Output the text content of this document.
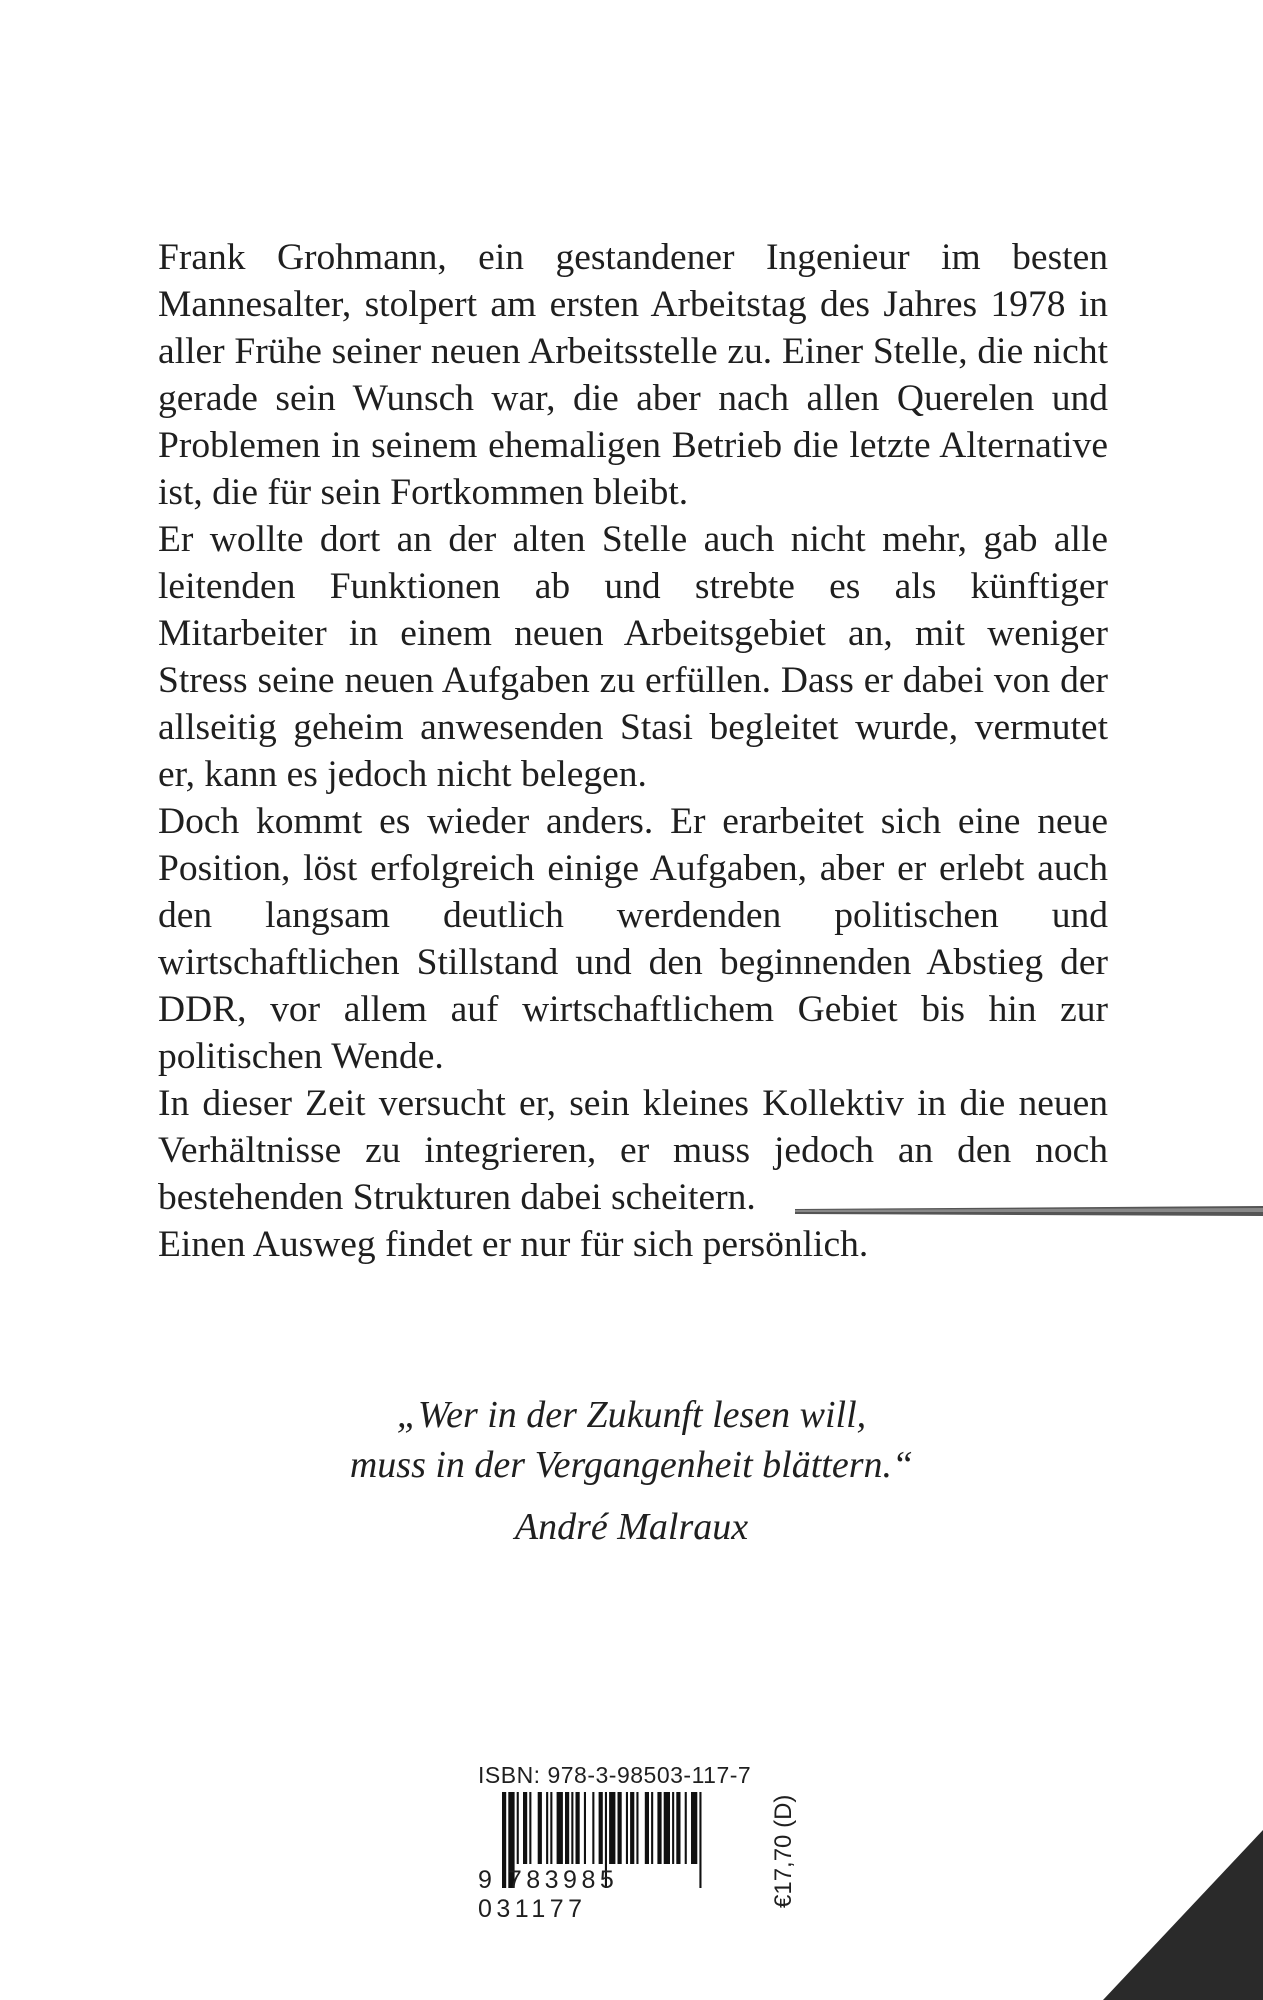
Frank Grohmann, ein gestandener Ingenieur im besten Mannesalter, stolpert am ersten Arbeitstag des Jahres 1978 in aller Frühe seiner neuen Arbeitsstelle zu. Einer Stelle, die nicht gerade sein Wunsch war, die aber nach allen Querelen und Problemen in seinem ehemaligen Betrieb die letzte Alternative ist, die für sein Fortkommen bleibt.

Er wollte dort an der alten Stelle auch nicht mehr, gab alle leitenden Funktionen ab und strebte es als künftiger Mitarbeiter in einem neuen Arbeitsgebiet an, mit weniger Stress seine neuen Aufgaben zu erfüllen. Dass er dabei von der allseitig geheim anwesenden Stasi begleitet wurde, vermutet er, kann es jedoch nicht belegen.

Doch kommt es wieder anders. Er erarbeitet sich eine neue Position, löst erfolgreich einige Aufgaben, aber er erlebt auch den langsam deutlich werdenden politischen und wirtschaftlichen Stillstand und den beginnenden Abstieg der DDR, vor allem auf wirtschaftlichem Gebiet bis hin zur politischen Wende.

In dieser Zeit versucht er, sein kleines Kollektiv in die neuen Verhältnisse zu integrieren, er muss jedoch an den noch bestehenden Strukturen dabei scheitern.

Einen Ausweg findet er nur für sich persönlich.

„Wer in der Zukunft lesen will,
muss in der Vergangenheit blättern.“
André Malraux
ISBN: 978-3-98503-117-7
9 783985 031177
€17,70 (D)
